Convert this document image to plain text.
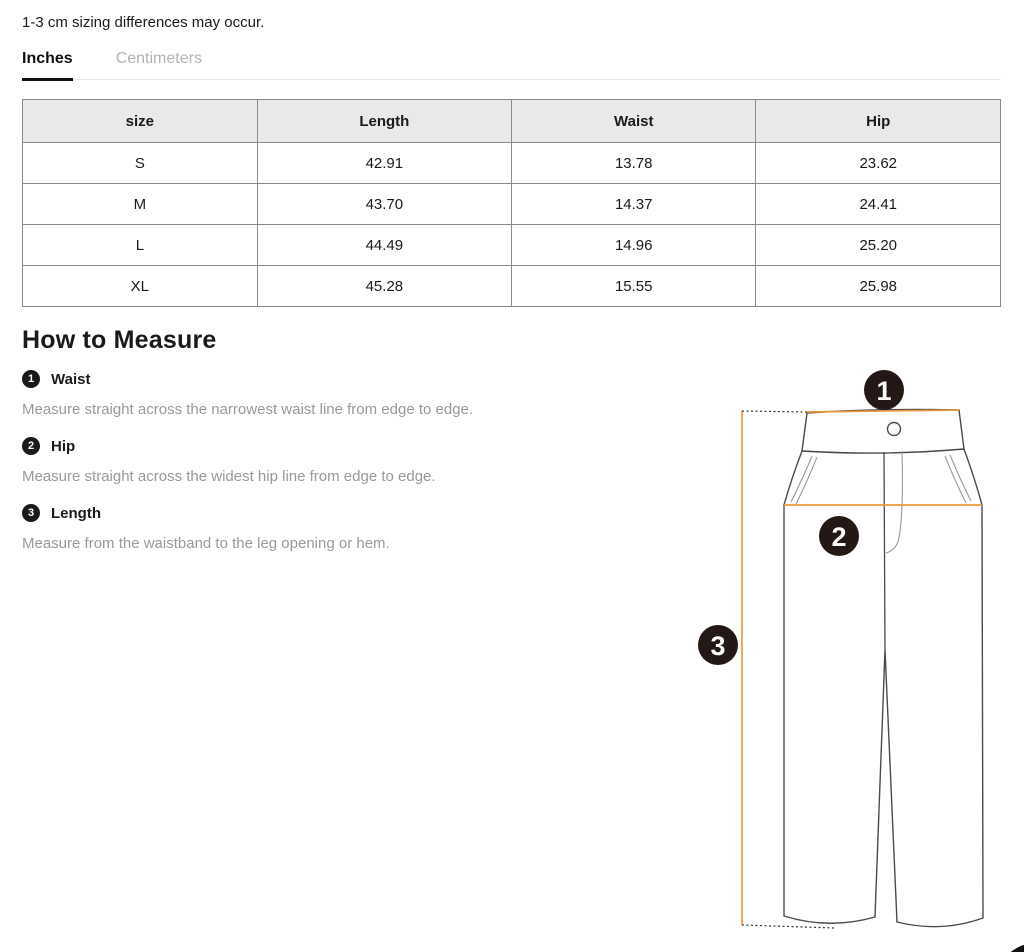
1-3 cm sizing differences may occur.
Inches	Centimeters
size	Length	Waist	Hip
S	42.91	13.78	23.62
M	43.70	14.37	24.41
L	44.49	14.96	25.20
XL	45.28	15.55	25.98
How to Measure
1	Waist
Measure straight across the narrowest waist line from edge to edge.
2	Hip
Measure straight across the widest hip line from edge to edge.
3	Length
Measure from the waistband to the leg opening or hem.
1
2
3
